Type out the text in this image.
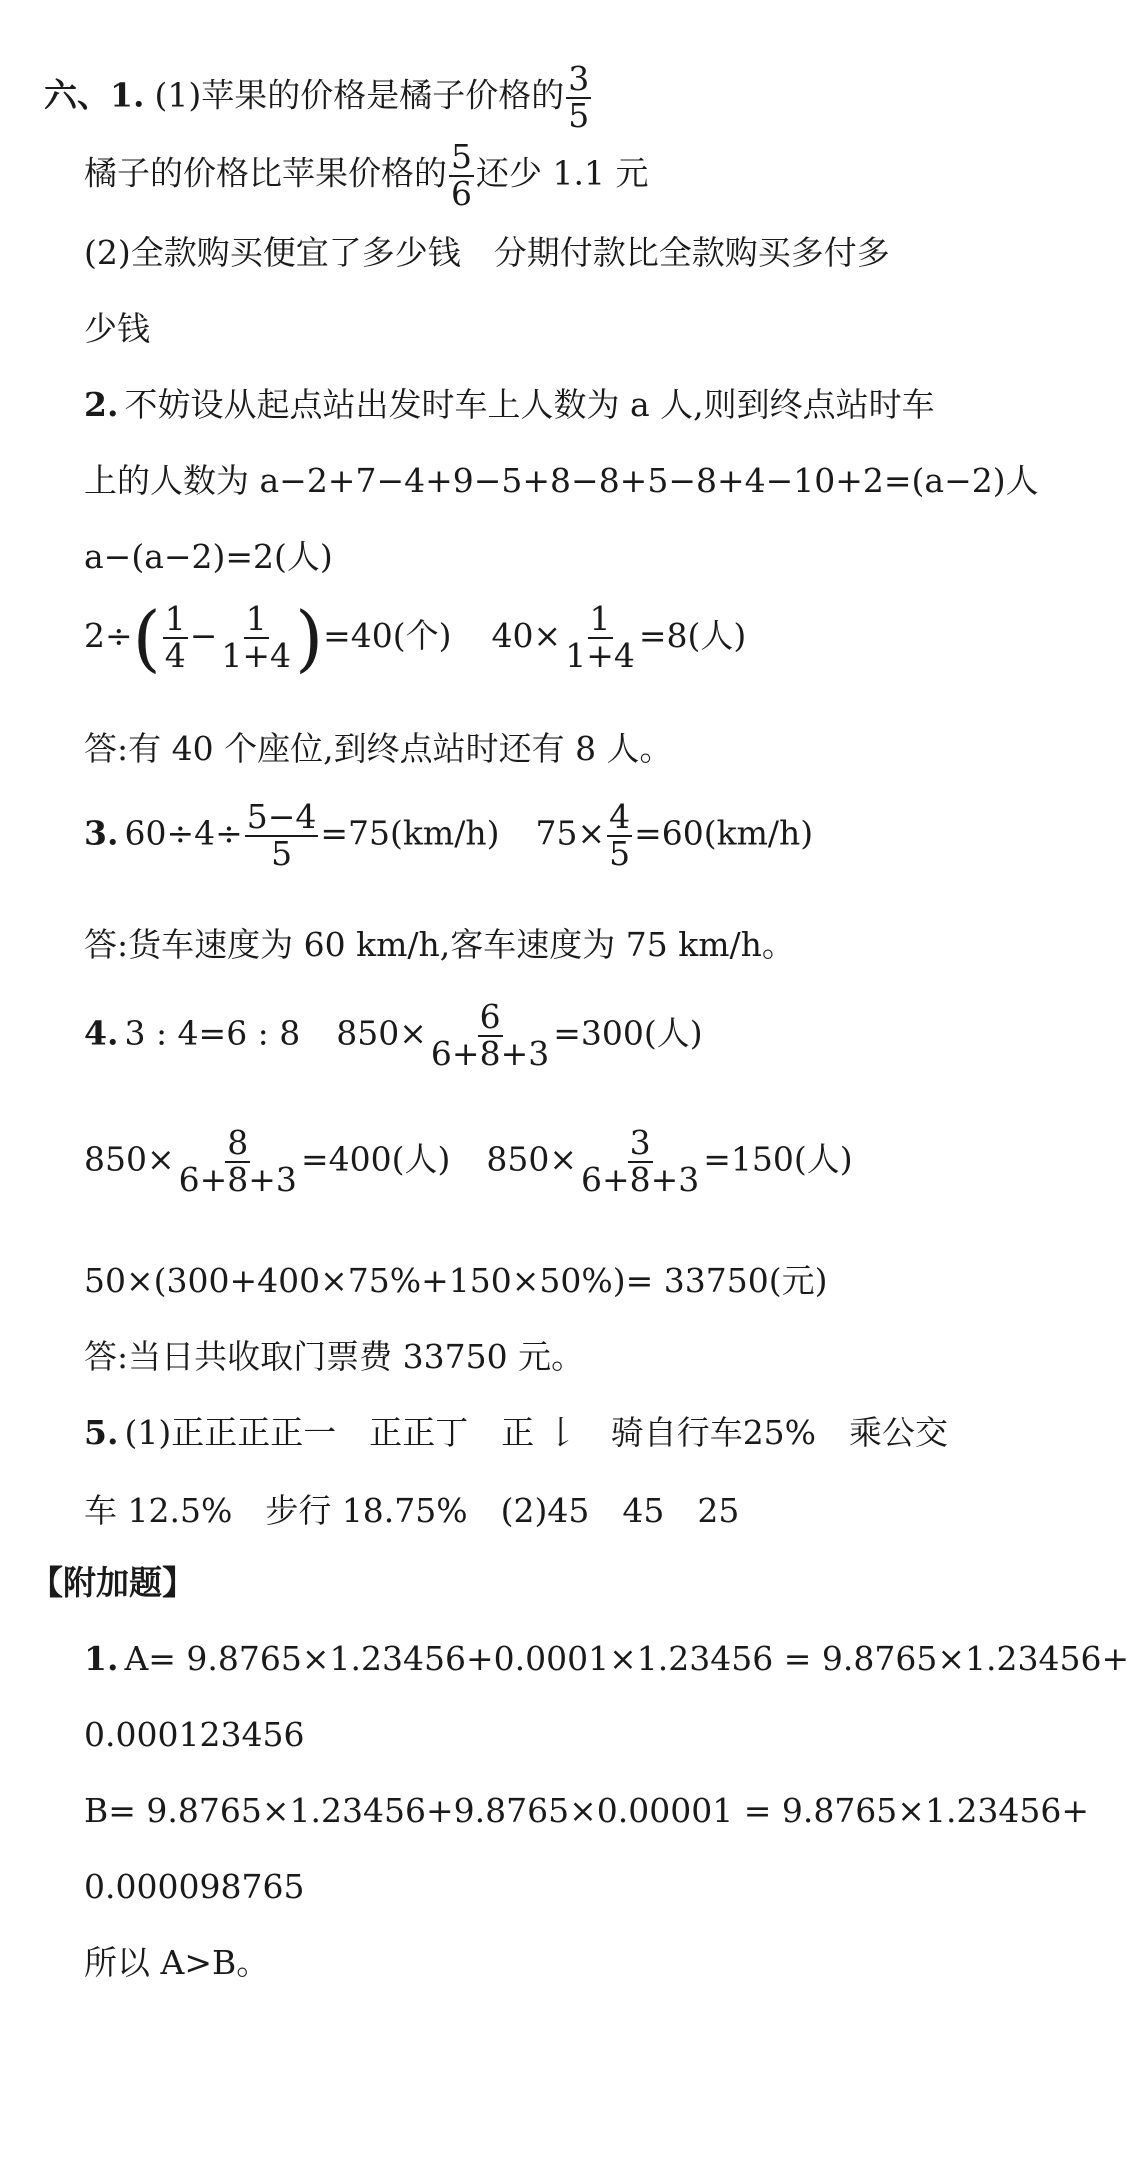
六、1. (1)苹果的价格是橘子价格的 $\frac{3}{5}$
橘子的价格比苹果价格的 $\frac{5}{6}$ 还少 1.1 元
(2)全款购买便宜了多少钱　分期付款比全款购买多付多
少钱
2. 不妨设从起点站出发时车上人数为 a 人,则到终点站时车
上的人数为 a−2+7−4+9−5+8−8+5−8+4−10+2=(a−2)人
a−(a−2)=2(人)
$2\div( \frac{1}{4} - \frac{1}{1+4} )=40$(个) $40\times \frac{1}{1+4} =8$(人)
答:有 40 个座位,到终点站时还有 8 人。
3. $60\div 4\div \frac{5-4}{5} =75(km/h)$ $75\times \frac{4}{5} =60(km/h)$
答:货车速度为 60 km/h,客车速度为 75 km/h。
4. 3 : 4=6 : 8 $850\times \frac{6}{6+8+3} =300$(人)
$850\times \frac{8}{6+8+3} =400$(人) $850\times \frac{3}{6+8+3} =150$(人)
50×(300+400×75%+150×50%)= 33750(元)
答:当日共收取门票费 33750 元。
5. (1)正正正正一　正正丁　正 𠄌　骑自行车25%　乘公交
车 12.5%　步行 18.75%　(2)45　45　25
【附加题】
1. A= 9.8765×1.23456+0.0001×1.23456 = 9.8765×1.23456+
0.000123456
B= 9.8765×1.23456+9.8765×0.00001 = 9.8765×1.23456+
0.000098765
所以 A>B。
